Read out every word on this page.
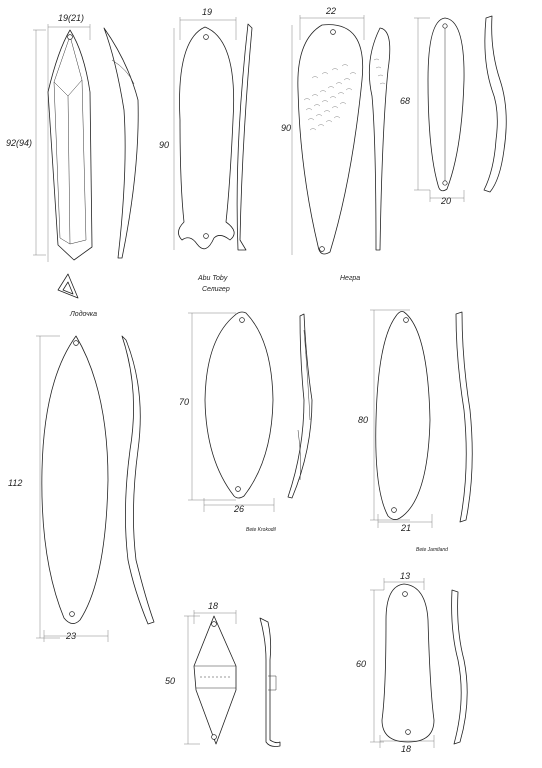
19(21)
92(94)
Лодочка
19
90
Abu Toby
Селигер
22
90
Негра
68
20
112
23
70
26
Bete Krokodil
80
21
Bete Jamtland
18
50
13
60
18
